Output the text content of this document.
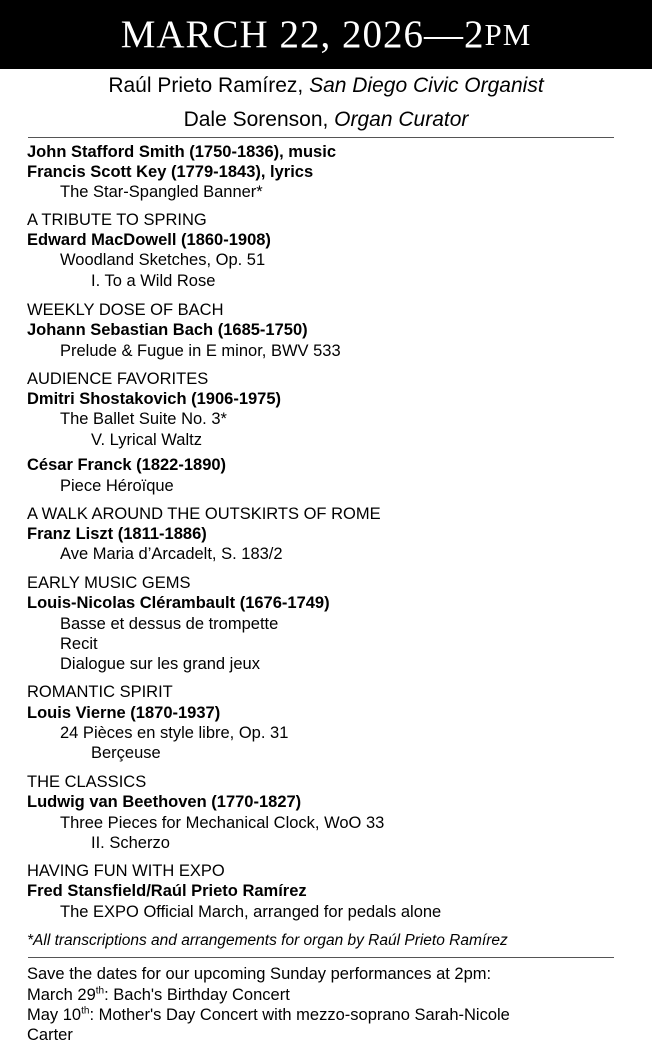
MARCH 22, 2026—2 PM
Raúl Prieto Ramírez, San Diego Civic Organist
Dale Sorenson, Organ Curator
John Stafford Smith (1750-1836), music
Francis Scott Key (1779-1843), lyrics
The Star-Spangled Banner*
A TRIBUTE TO SPRING
Edward MacDowell (1860-1908)
Woodland Sketches, Op. 51
I. To a Wild Rose
WEEKLY DOSE OF BACH
Johann Sebastian Bach (1685-1750)
Prelude & Fugue in E minor, BWV 533
AUDIENCE FAVORITES
Dmitri Shostakovich (1906-1975)
The Ballet Suite No. 3*
V. Lyrical Waltz
César Franck (1822-1890)
Piece Héroïque
A WALK AROUND THE OUTSKIRTS OF ROME
Franz Liszt (1811-1886)
Ave Maria d’Arcadelt, S. 183/2
EARLY MUSIC GEMS
Louis-Nicolas Clérambault (1676-1749)
Basse et dessus de trompette
Recit
Dialogue sur les grand jeux
ROMANTIC SPIRIT
Louis Vierne (1870-1937)
24 Pièces en style libre, Op. 31
Berçeuse
THE CLASSICS
Ludwig van Beethoven (1770-1827)
Three Pieces for Mechanical Clock, WoO 33
II. Scherzo
HAVING FUN WITH EXPO
Fred Stansfield/Raúl Prieto Ramírez
The EXPO Official March, arranged for pedals alone
*All transcriptions and arrangements for organ by Raúl Prieto Ramírez
Save the dates for our upcoming Sunday performances at 2pm:
March 29th: Bach's Birthday Concert
May 10th: Mother's Day Concert with mezzo-soprano Sarah-Nicole
Carter
